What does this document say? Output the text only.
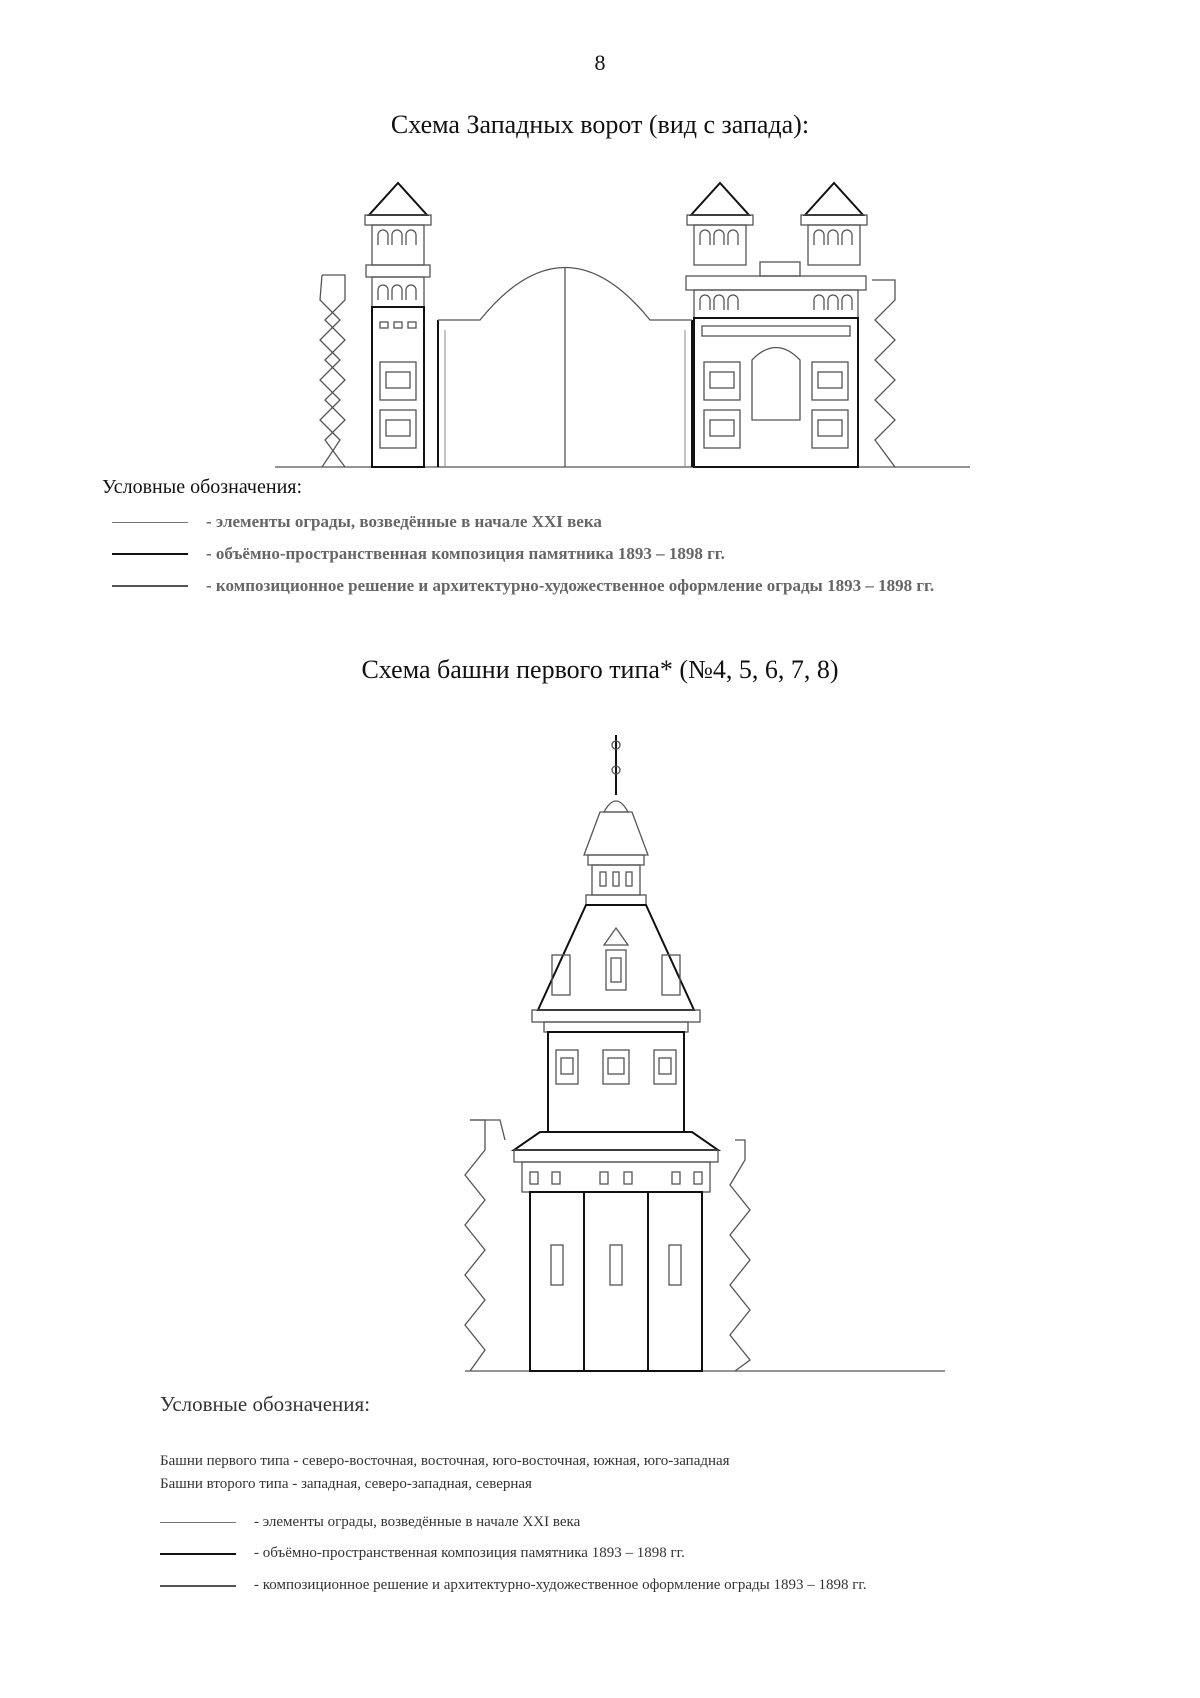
8
Схема Западных ворот (вид с запада):
Условные обозначения:
- элементы ограды, возведённые в начале XXI века
- объёмно-пространственная композиция памятника 1893 – 1898 гг.
- композиционное решение и архитектурно-художественное оформление ограды 1893 – 1898 гг.
Схема башни первого типа* (№4, 5, 6, 7, 8)
Условные обозначения:
Башни первого типа - северо-восточная, восточная, юго-восточная, южная, юго-западная
Башни второго типа - западная, северо-западная, северная
- элементы ограды, возведённые в начале XXI века
- объёмно-пространственная композиция памятника 1893 – 1898 гг.
- композиционное решение и архитектурно-художественное оформление ограды 1893 – 1898 гг.
